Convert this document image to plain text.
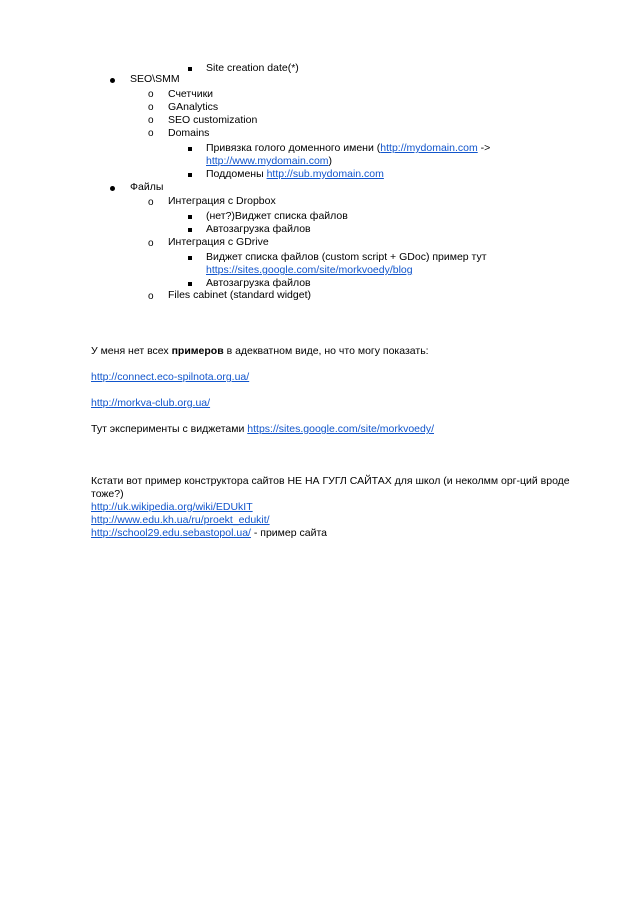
Site creation date(*)
SEO\SMM
o Счетчики
o GAnalytics
o SEO customization
o Domains
Привязка голого доменного имени (http://mydomain.com ->
http://www.mydomain.com)
Поддомены http://sub.mydomain.com
Файлы
o Интеграция с Dropbox
(нет?)Виджет списка файлов
Автозагрузка файлов
o Интеграция с GDrive
Виджет списка файлов (custom script + GDoc) пример тут
https://sites.google.com/site/morkvoedy/blog
Автозагрузка файлов
o Files cabinet (standard widget)
У меня нет всех примеров в адекватном виде, но что могу показать:
http://connect.eco-spilnota.org.ua/
http://morkva-club.org.ua/
Тут эксперименты с виджетами https://sites.google.com/site/morkvoedy/
Кстати вот пример конструктора сайтов НЕ НА ГУГЛ САЙТАХ для школ (и неколмм орг-ций вроде
тоже?)
http://uk.wikipedia.org/wiki/EDUkIT
http://www.edu.kh.ua/ru/proekt_edukit/
http://school29.edu.sebastopol.ua/ - пример сайта
